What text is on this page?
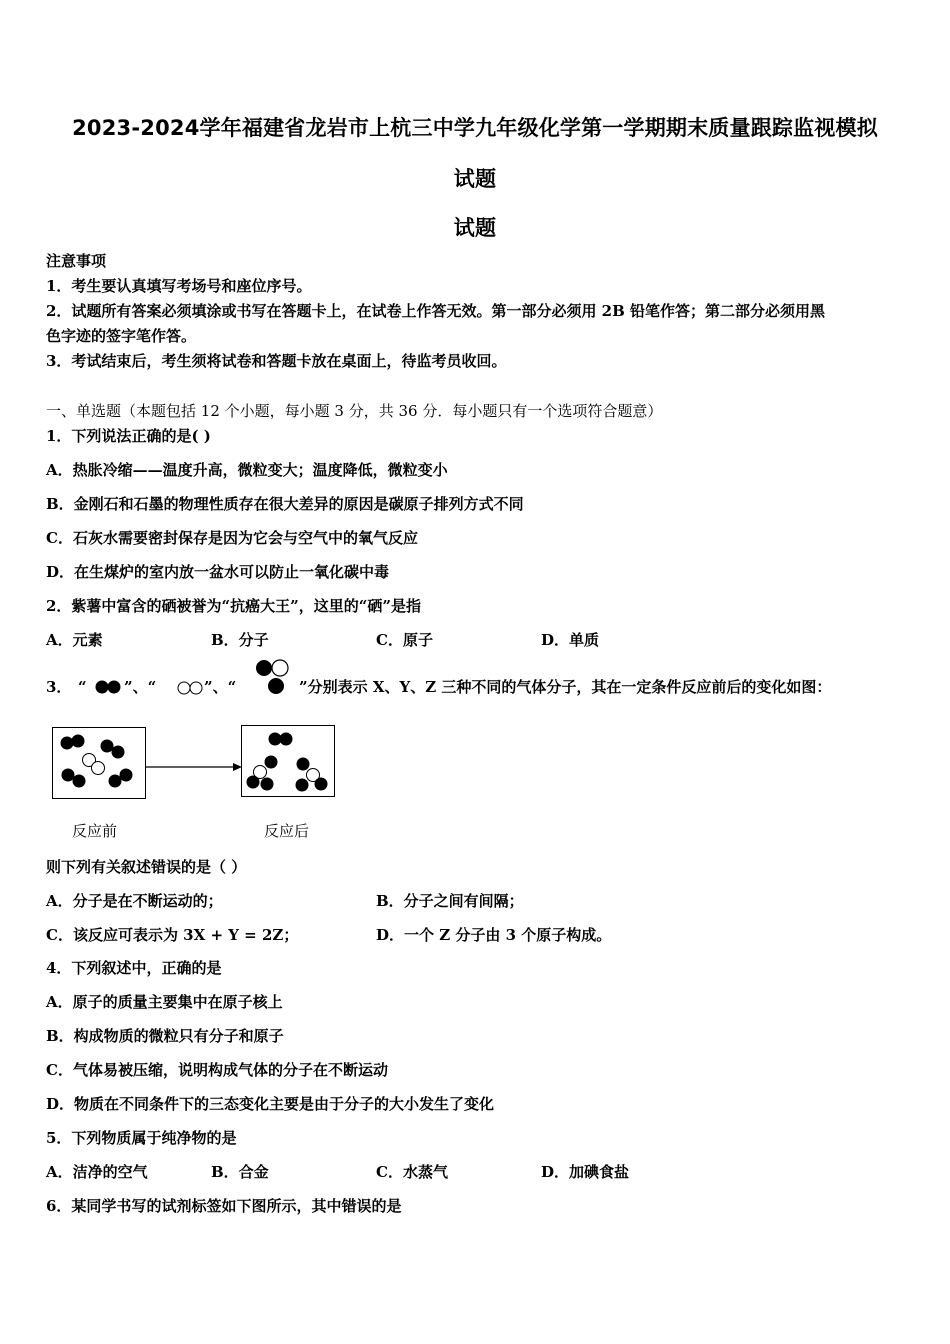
2023-2024学年福建省龙岩市上杭三中学九年级化学第一学期期末质量跟踪监视模拟
试题
试题
注意事项
1．考生要认真填写考场号和座位序号。
2．试题所有答案必须填涂或书写在答题卡上，在试卷上作答无效。第一部分必须用 2B 铅笔作答；第二部分必须用黑
色字迹的签字笔作答。
3．考试结束后，考生须将试卷和答题卡放在桌面上，待监考员收回。
一、单选题（本题包括 12 个小题，每小题 3 分，共 36 分．每小题只有一个选项符合题意）
1．下列说法正确的是( )
A．热胀冷缩——温度升高，微粒变大；温度降低，微粒变小
B．金刚石和石墨的物理性质存在很大差异的原因是碳原子排列方式不同
C．石灰水需要密封保存是因为它会与空气中的氧气反应
D．在生煤炉的室内放一盆水可以防止一氧化碳中毒
2．紫薯中富含的硒被誉为“抗癌大王”，这里的“硒”是指
A．元素	B．分子	C．原子	D．单质
3． “ ”、“	”、“	”分别表示 X、Y、Z 三种不同的气体分子，其在一定条件反应前后的变化如图：
反应前	反应后
则下列有关叙述错误的是（ ）
A．分子是在不断运动的；	B．分子之间有间隔；
C．该反应可表示为 3X + Y = 2Z；	D．一个 Z 分子由 3 个原子构成。
4．下列叙述中，正确的是
A．原子的质量主要集中在原子核上
B．构成物质的微粒只有分子和原子
C．气体易被压缩，说明构成气体的分子在不断运动
D．物质在不同条件下的三态变化主要是由于分子的大小发生了变化
5．下列物质属于纯净物的是
A．洁净的空气	B．合金	C．水蒸气	D．加碘食盐
6．某同学书写的试剂标签如下图所示，其中错误的是
